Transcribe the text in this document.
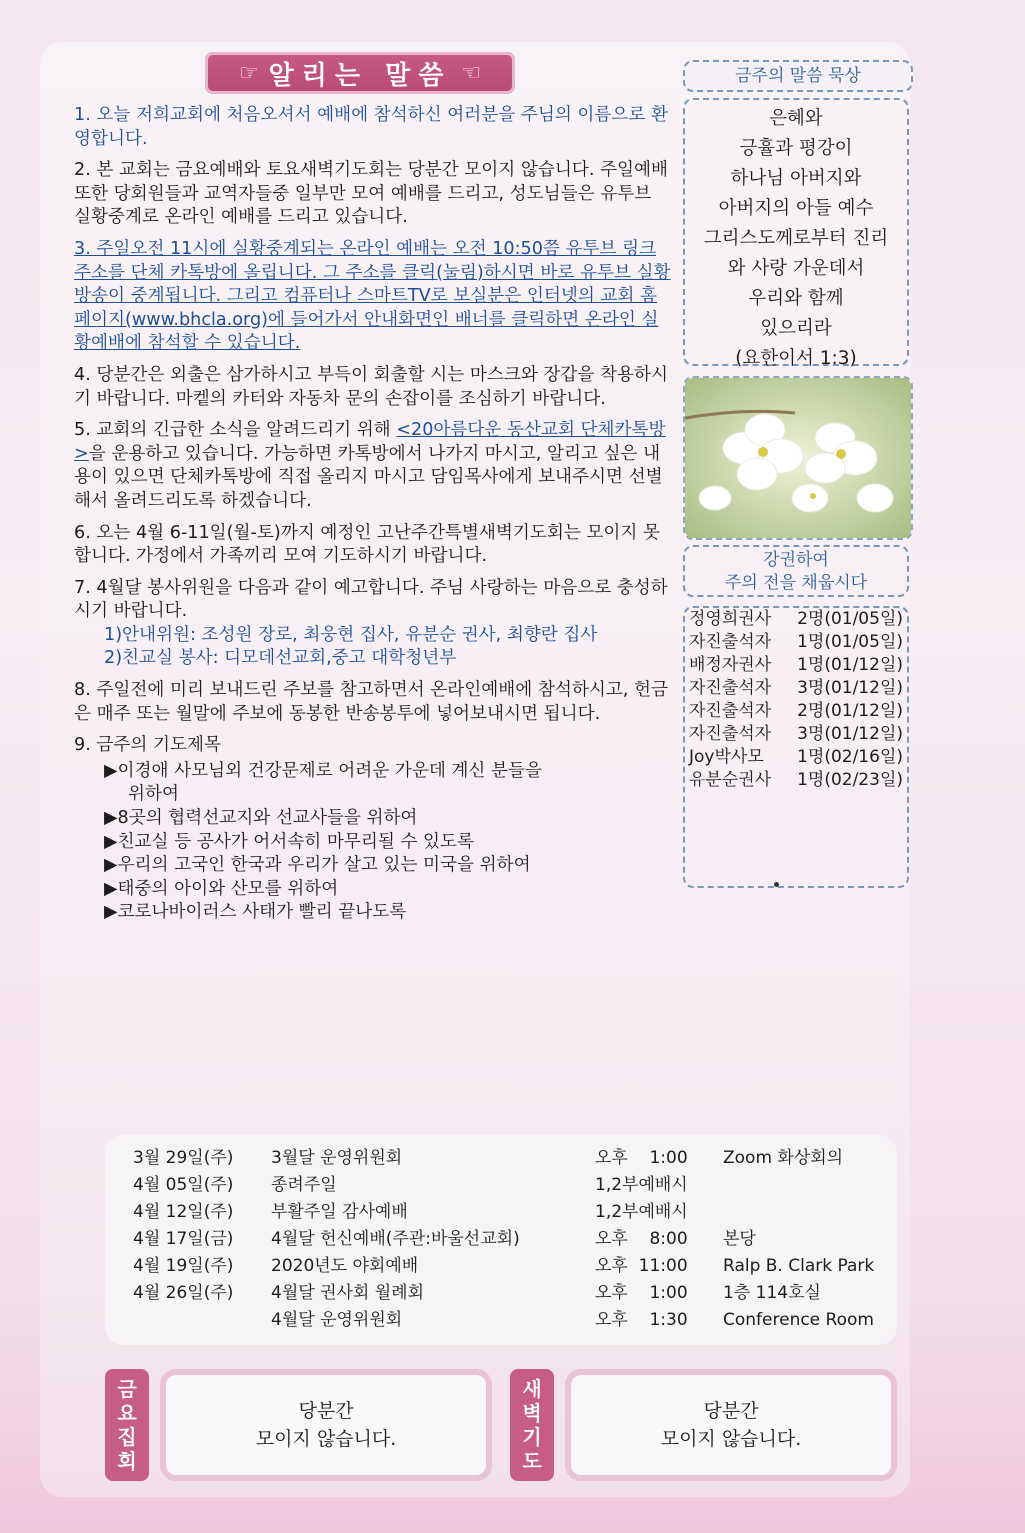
☞ 알리는 말씀 ☜

1. 오늘 저희교회에 처음오셔서 예배에 참석하신 여러분을 주님의 이름으로 환영합니다.

2. 본 교회는 금요예배와 토요새벽기도회는 당분간 모이지 않습니다. 주일예배 또한 당회원들과 교역자들중 일부만 모여 예배를 드리고, 성도님들은 유투브 실황중계로 온라인 예배를 드리고 있습니다.

3. 주일오전 11시에 실황중계되는 온라인 예배는 오전 10:50쯤 유투브 링크주소를 단체 카톡방에 올립니다. 그 주소를 클릭(눌림)하시면 바로 유투브 실황방송이 중계됩니다. 그리고 컴퓨터나 스마트TV로 보실분은 인터넷의 교회 홈페이지(www.bhcla.org)에 들어가서 안내화면인 배너를 클릭하면 온라인 실황예배에 참석할 수 있습니다.

4. 당분간은 외출은 삼가하시고 부득이 회출할 시는 마스크와 장갑을 착용하시기 바랍니다. 마켙의 카터와 자동차 문의 손잡이를 조심하기 바랍니다.

5. 교회의 긴급한 소식을 알려드리기 위해 <20아름다운 동산교회 단체카톡방>을 운용하고 있습니다. 가능하면 카톡방에서 나가지 마시고, 알리고 싶은 내용이 있으면 단체카톡방에 직접 올리지 마시고 담임목사에게 보내주시면 선별해서 올려드리도록 하겠습니다.

6. 오는 4월 6-11일(월-토)까지 예정인 고난주간특별새벽기도회는 모이지 못합니다. 가정에서 가족끼리 모여 기도하시기 바랍니다.

7. 4월달 봉사위원을 다음과 같이 예고합니다. 주님 사랑하는 마음으로 충성하시기 바랍니다.

1)안내위원: 조성원 장로, 최웅현 집사, 유분순 권사, 최향란 집사

2)친교실 봉사: 디모데선교회,중고 대학청년부

8. 주일전에 미리 보내드린 주보를 참고하면서 온라인예배에 참석하시고, 헌금은 매주 또는 월말에 주보에 동봉한 반송봉투에 넣어보내시면 됩니다.

9. 금주의 기도제목

▶이경애 사모님외 건강문제로 어려운 가운데 계신 분들을

위하여

▶8곳의 협력선교지와 선교사들을 위하여

▶친교실 등 공사가 어서속히 마무리될 수 있도록

▶우리의 고국인 한국과 우리가 살고 있는 미국을 위하여

▶태중의 아이와 산모를 위하여

▶코로나바이러스 사태가 빨리 끝나도록

금주의 말씀 묵상
은혜와
긍휼과 평강이
하나님 아버지와
아버지의 아들 예수
그리스도께로부터 진리
와 사랑 가운데서
우리와 함께
있으리라
(요한이서 1:3)
강권하여
주의 전을 채웁시다
정영희권사 2명(01/05일)
자진출석자 1명(01/05일)
배정자권사 1명(01/12일)
자진출석자 3명(01/12일)
자진출석자 2명(01/12일)
자진출석자 3명(01/12일)
Joy박사모 1명(02/16일)
유분순권사 1명(02/23일)
3월 29일(주) 3월달 운영위원회	오후    1:00 Zoom 화상회의
4월 05일(주) 종려주일	1,2부예배시
4월 12일(주) 부활주일 감사예배	1,2부예배시
4월 17일(금) 4월달 헌신예배(주관:바울선교회)	오후    8:00 본당
4월 19일(주) 2020년도 야회예배	오후  11:00 Ralp B. Clark Park
4월 26일(주) 4월달 권사회 월례회	오후    1:00 1층 114호실
4월달 운영위원회	오후    1:30 Conference Room
금
요
집
회
당분간
모이지 않습니다.
새
벽
기
도
당분간
모이지 않습니다.
